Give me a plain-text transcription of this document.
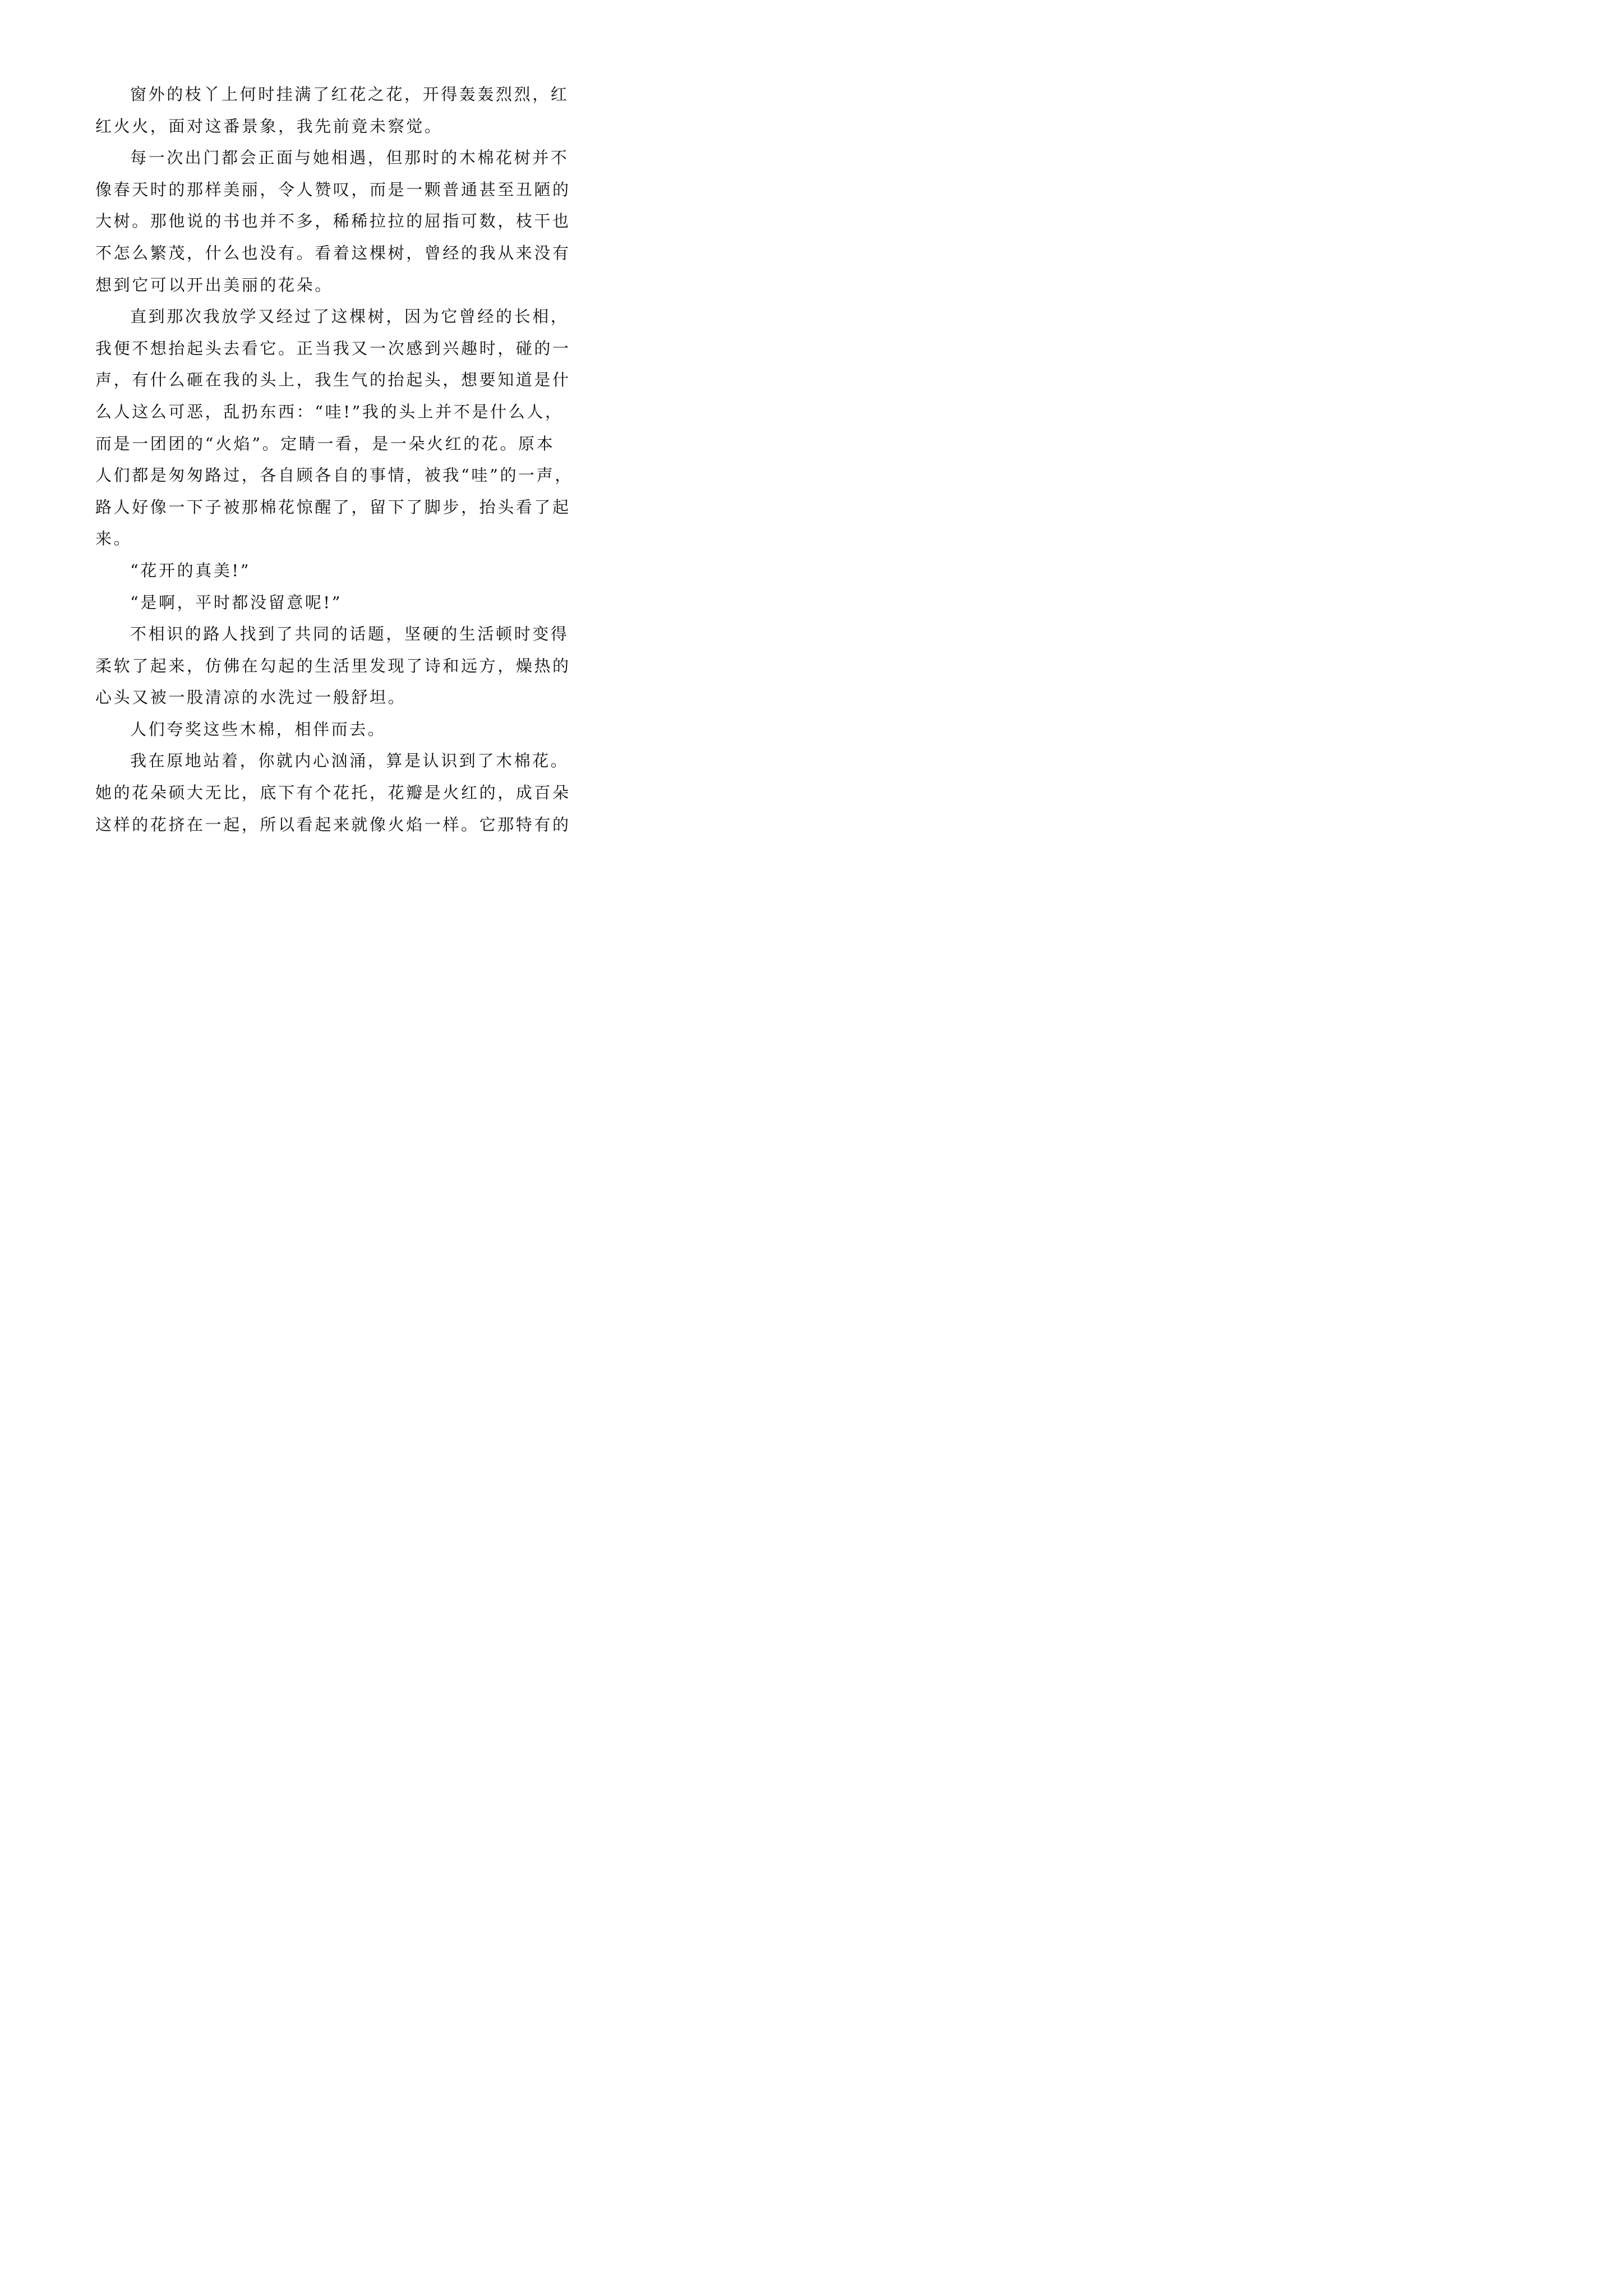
窗外的枝丫上何时挂满了红花之花，开得轰轰烈烈，红
红火火，面对这番景象，我先前竟未察觉。
每一次出门都会正面与她相遇，但那时的木棉花树并不
像春天时的那样美丽，令人赞叹，而是一颗普通甚至丑陋的
大树。那他说的书也并不多，稀稀拉拉的屈指可数，枝干也
不怎么繁茂，什么也没有。看着这棵树，曾经的我从来没有
想到它可以开出美丽的花朵。
直到那次我放学又经过了这棵树，因为它曾经的长相，
我便不想抬起头去看它。正当我又一次感到兴趣时，碰的一
声，有什么砸在我的头上，我生气的抬起头，想要知道是什
么人这么可恶，乱扔东西：“哇!”我的头上并不是什么人，
而是一团团的“火焰”。定睛一看，是一朵火红的花。原本
人们都是匆匆路过，各自顾各自的事情，被我“哇”的一声，
路人好像一下子被那棉花惊醒了，留下了脚步，抬头看了起
来。
“花开的真美!”
“是啊，平时都没留意呢!”
不相识的路人找到了共同的话题，坚硬的生活顿时变得
柔软了起来，仿佛在勾起的生活里发现了诗和远方，燥热的
心头又被一股清凉的水洗过一般舒坦。
人们夸奖这些木棉，相伴而去。
我在原地站着，你就内心汹涌，算是认识到了木棉花。
她的花朵硕大无比，底下有个花托，花瓣是火红的，成百朵
这样的花挤在一起，所以看起来就像火焰一样。它那特有的
